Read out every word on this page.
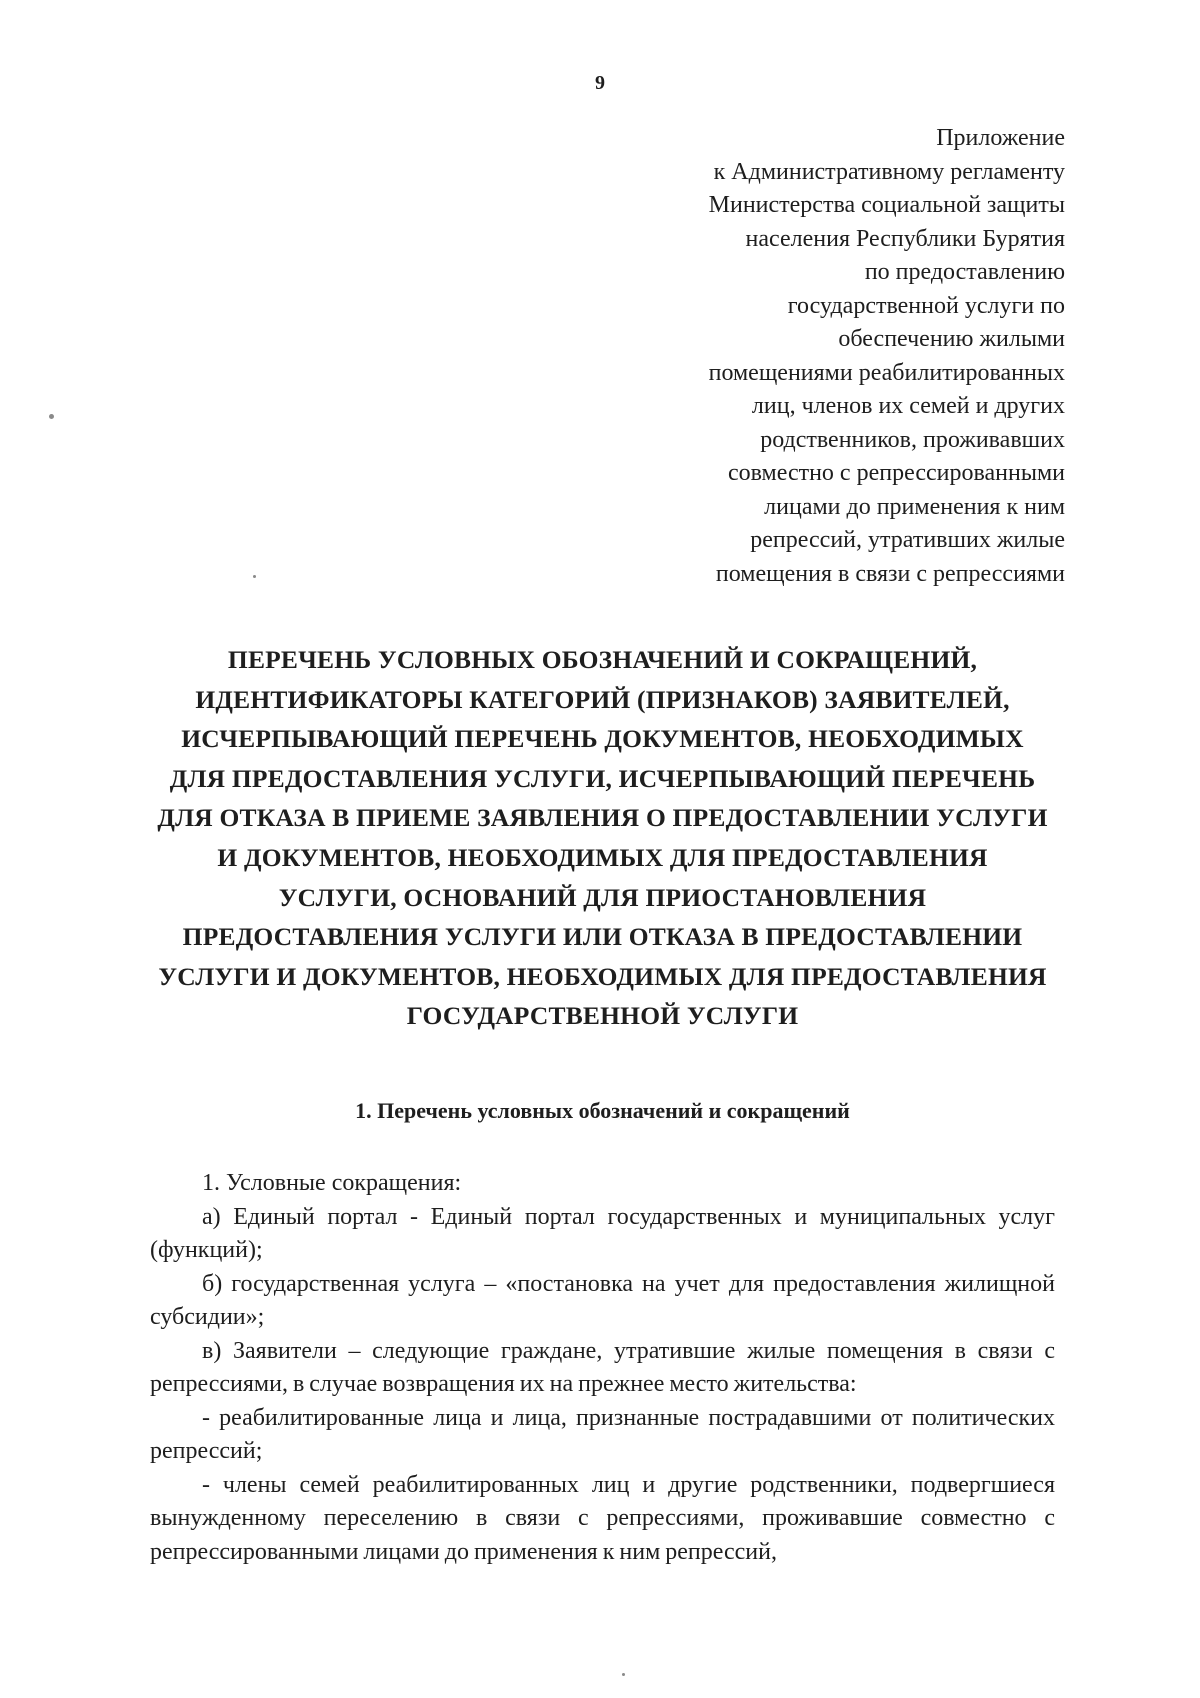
9
Приложение
к Административному регламенту
Министерства социальной защиты
населения Республики Бурятия
по предоставлению
государственной услуги по
обеспечению жилыми
помещениями реабилитированных
лиц, членов их семей и других
родственников, проживавших
совместно с репрессированными
лицами до применения к ним
репрессий, утративших жилые
помещения в связи с репрессиями
ПЕРЕЧЕНЬ УСЛОВНЫХ ОБОЗНАЧЕНИЙ И СОКРАЩЕНИЙ,
ИДЕНТИФИКАТОРЫ КАТЕГОРИЙ (ПРИЗНАКОВ) ЗАЯВИТЕЛЕЙ,
ИСЧЕРПЫВАЮЩИЙ ПЕРЕЧЕНЬ ДОКУМЕНТОВ, НЕОБХОДИМЫХ
ДЛЯ ПРЕДОСТАВЛЕНИЯ УСЛУГИ, ИСЧЕРПЫВАЮЩИЙ ПЕРЕЧЕНЬ
ДЛЯ ОТКАЗА В ПРИЕМЕ ЗАЯВЛЕНИЯ О ПРЕДОСТАВЛЕНИИ УСЛУГИ
И ДОКУМЕНТОВ, НЕОБХОДИМЫХ ДЛЯ ПРЕДОСТАВЛЕНИЯ
УСЛУГИ, ОСНОВАНИЙ ДЛЯ ПРИОСТАНОВЛЕНИЯ
ПРЕДОСТАВЛЕНИЯ УСЛУГИ ИЛИ ОТКАЗА В ПРЕДОСТАВЛЕНИИ
УСЛУГИ И ДОКУМЕНТОВ, НЕОБХОДИМЫХ ДЛЯ ПРЕДОСТАВЛЕНИЯ
ГОСУДАРСТВЕННОЙ УСЛУГИ
1. Перечень условных обозначений и сокращений

1. Условные сокращения:

а) Единый портал - Единый портал государственных и муниципальных услуг (функций);

б) государственная услуга – «постановка на учет для предоставления жилищной субсидии»;

в) Заявители – следующие граждане, утратившие жилые помещения в связи с репрессиями, в случае возвращения их на прежнее место жительства:

- реабилитированные лица и лица, признанные пострадавшими от политических репрессий;

- члены семей реабилитированных лиц и другие родственники, подвергшиеся вынужденному переселению в связи с репрессиями, проживавшие совместно с репрессированными лицами до применения к ним репрессий,
